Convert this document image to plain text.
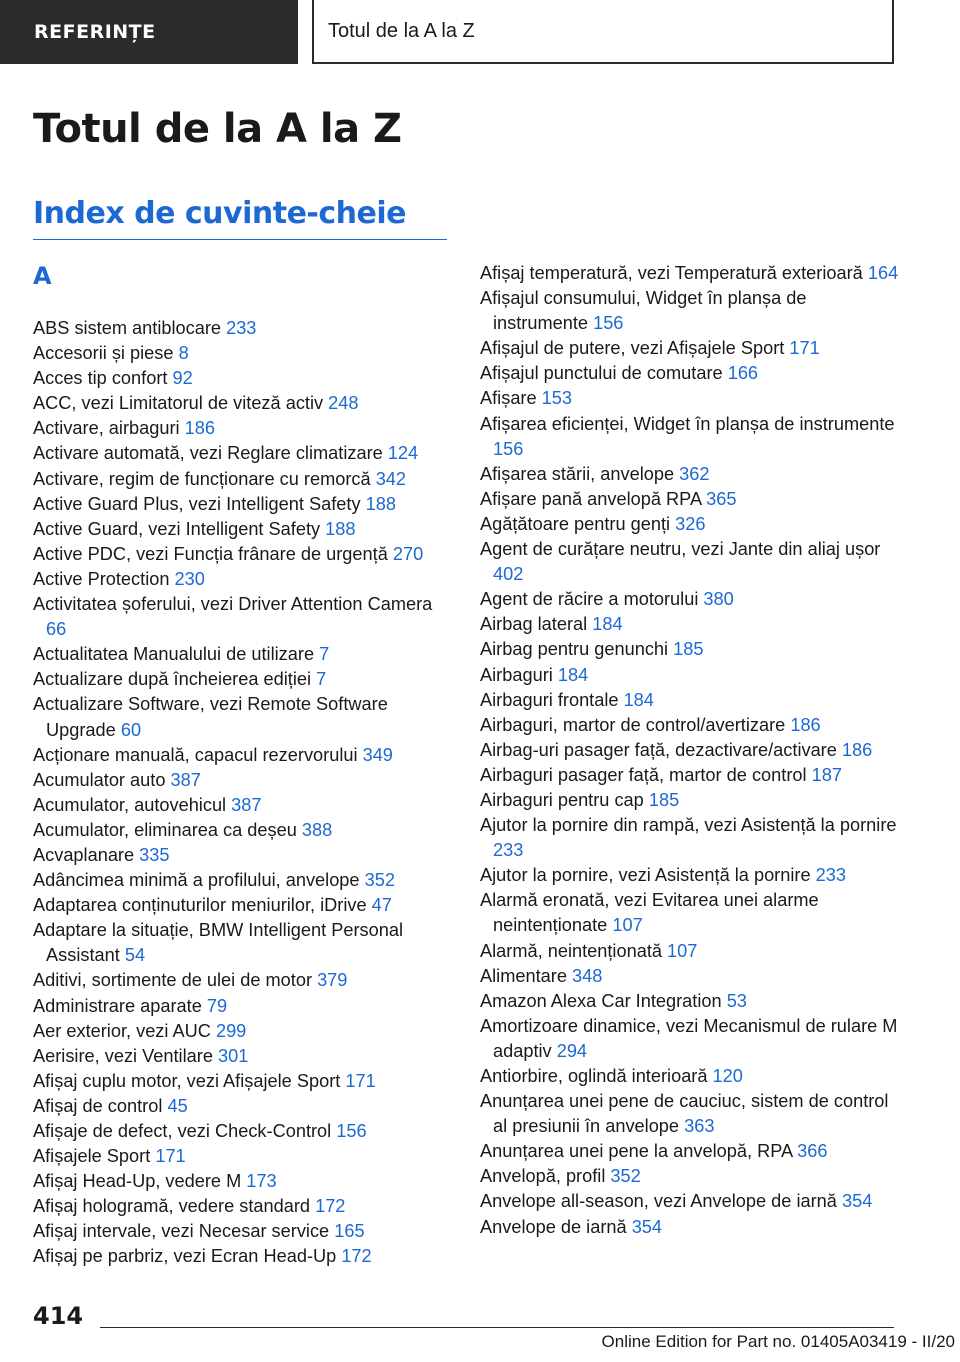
REFERINȚE	Totul de la A la Z
Totul de la A la Z
Index de cuvinte-cheie
A
ABS sistem antiblocare 233
Accesorii și piese 8
Acces tip confort 92
ACC, vezi Limitatorul de viteză activ 248
Activare, airbaguri 186
Activare automată, vezi Reglare climatizare 124
Activare, regim de funcționare cu remorcă 342
Active Guard Plus, vezi Intelligent Safety 188
Active Guard, vezi Intelligent Safety 188
Active PDC, vezi Funcția frânare de urgență 270
Active Protection 230
Activitatea șoferului, vezi Driver Attention Camera 66
Actualitatea Manualului de utilizare 7
Actualizare după încheierea ediției 7
Actualizare Software, vezi Remote Software Upgrade 60
Acționare manuală, capacul rezervorului 349
Acumulator auto 387
Acumulator, autovehicul 387
Acumulator, eliminarea ca deșeu 388
Acvaplanare 335
Adâncimea minimă a profilului, anvelope 352
Adaptarea conținuturilor meniurilor, iDrive 47
Adaptare la situație, BMW Intelligent Personal Assistant 54
Aditivi, sortimente de ulei de motor 379
Administrare aparate 79
Aer exterior, vezi AUC 299
Aerisire, vezi Ventilare 301
Afișaj cuplu motor, vezi Afișajele Sport 171
Afișaj de control 45
Afișaje de defect, vezi Check-Control 156
Afișajele Sport 171
Afișaj Head-Up, vedere M 173
Afișaj hologramă, vedere standard 172
Afișaj intervale, vezi Necesar service 165
Afișaj pe parbriz, vezi Ecran Head-Up 172
Afișaj temperatură, vezi Temperatură exterioară 164
Afișajul consumului, Widget în planșa de instrumente 156
Afișajul de putere, vezi Afișajele Sport 171
Afișajul punctului de comutare 166
Afișare 153
Afișarea eficienței, Widget în planșa de instrumente 156
Afișarea stării, anvelope 362
Afișare pană anvelopă RPA 365
Agățătoare pentru genți 326
Agent de curățare neutru, vezi Jante din aliaj ușor 402
Agent de răcire a motorului 380
Airbag lateral 184
Airbag pentru genunchi 185
Airbaguri 184
Airbaguri frontale 184
Airbaguri, martor de control/avertizare 186
Airbag-uri pasager față, dezactivare/activare 186
Airbaguri pasager față, martor de control 187
Airbaguri pentru cap 185
Ajutor la pornire din rampă, vezi Asistență la pornire 233
Ajutor la pornire, vezi Asistență la pornire 233
Alarmă eronată, vezi Evitarea unei alarme neintenționate 107
Alarmă, neintenționată 107
Alimentare 348
Amazon Alexa Car Integration 53
Amortizoare dinamice, vezi Mecanismul de rulare M adaptiv 294
Antiorbire, oglindă interioară 120
Anunțarea unei pene de cauciuc, sistem de control al presiunii în anvelope 363
Anunțarea unei pene la anvelopă, RPA 366
Anvelopă, profil 352
Anvelope all-season, vezi Anvelope de iarnă 354
Anvelope de iarnă 354
414
Online Edition for Part no. 01405A03419 - II/20
